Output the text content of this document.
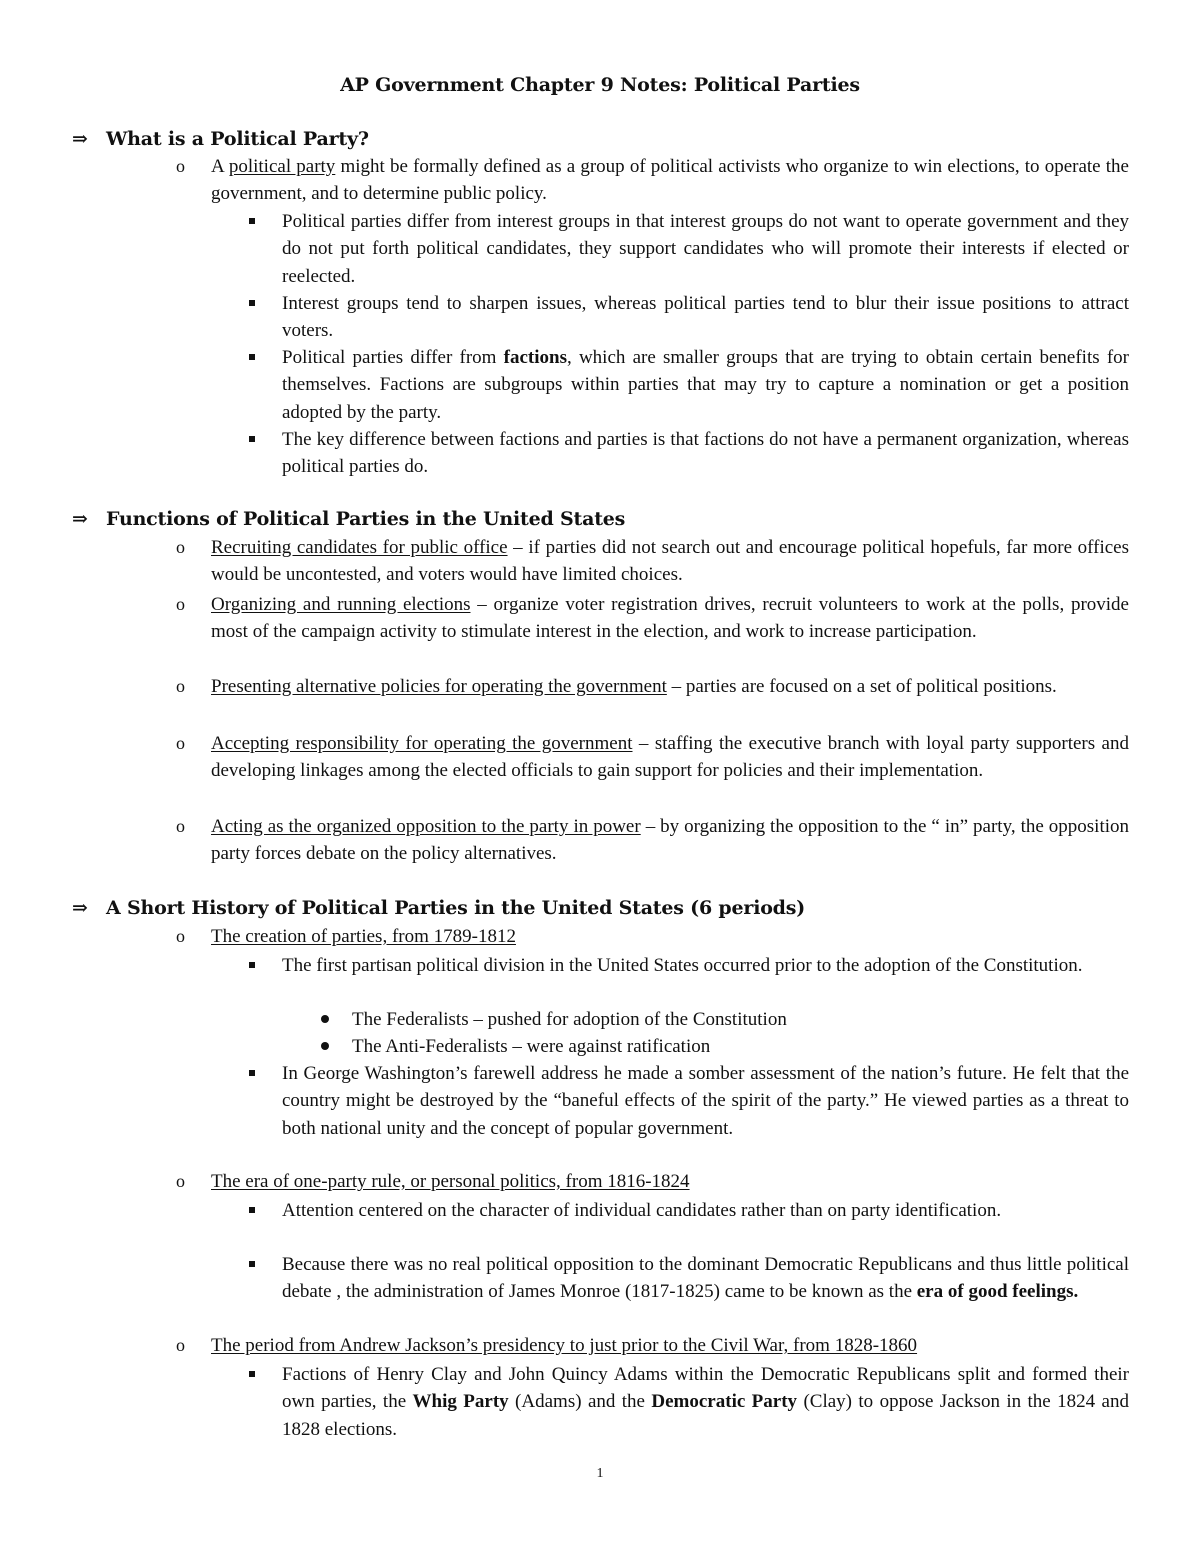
AP Government Chapter 9 Notes: Political Parties
⇒ What is a Political Party?
o A political party might be formally defined as a group of political activists who organize to win elections, to operate the government, and to determine public policy.
Political parties differ from interest groups in that interest groups do not want to operate government and they do not put forth political candidates, they support candidates who will promote their interests if elected or reelected.
Interest groups tend to sharpen issues, whereas political parties tend to blur their issue positions to attract voters.
Political parties differ from factions, which are smaller groups that are trying to obtain certain benefits for themselves. Factions are subgroups within parties that may try to capture a nomination or get a position adopted by the party.
The key difference between factions and parties is that factions do not have a permanent organization, whereas political parties do.
⇒ Functions of Political Parties in the United States
o Recruiting candidates for public office – if parties did not search out and encourage political hopefuls, far more offices would be uncontested, and voters would have limited choices.
o Organizing and running elections – organize voter registration drives, recruit volunteers to work at the polls, provide most of the campaign activity to stimulate interest in the election, and work to increase participation.
o Presenting alternative policies for operating the government – parties are focused on a set of political positions.
o Accepting responsibility for operating the government – staffing the executive branch with loyal party supporters and developing linkages among the elected officials to gain support for policies and their implementation.
o Acting as the organized opposition to the party in power – by organizing the opposition to the “ in” party, the opposition party forces debate on the policy alternatives.
⇒ A Short History of Political Parties in the United States (6 periods)
o The creation of parties, from 1789-1812
The first partisan political division in the United States occurred prior to the adoption of the Constitution.
The Federalists – pushed for adoption of the Constitution
The Anti-Federalists – were against ratification
In George Washington’s farewell address he made a somber assessment of the nation’s future. He felt that the country might be destroyed by the “baneful effects of the spirit of the party.” He viewed parties as a threat to both national unity and the concept of popular government.
o The era of one-party rule, or personal politics, from 1816-1824
Attention centered on the character of individual candidates rather than on party identification.
Because there was no real political opposition to the dominant Democratic Republicans and thus little political debate , the administration of James Monroe (1817-1825) came to be known as the era of good feelings.
o The period from Andrew Jackson’s presidency to just prior to the Civil War, from 1828-1860
Factions of Henry Clay and John Quincy Adams within the Democratic Republicans split and formed their own parties, the Whig Party (Adams) and the Democratic Party (Clay) to oppose Jackson in the 1824 and 1828 elections.
1
